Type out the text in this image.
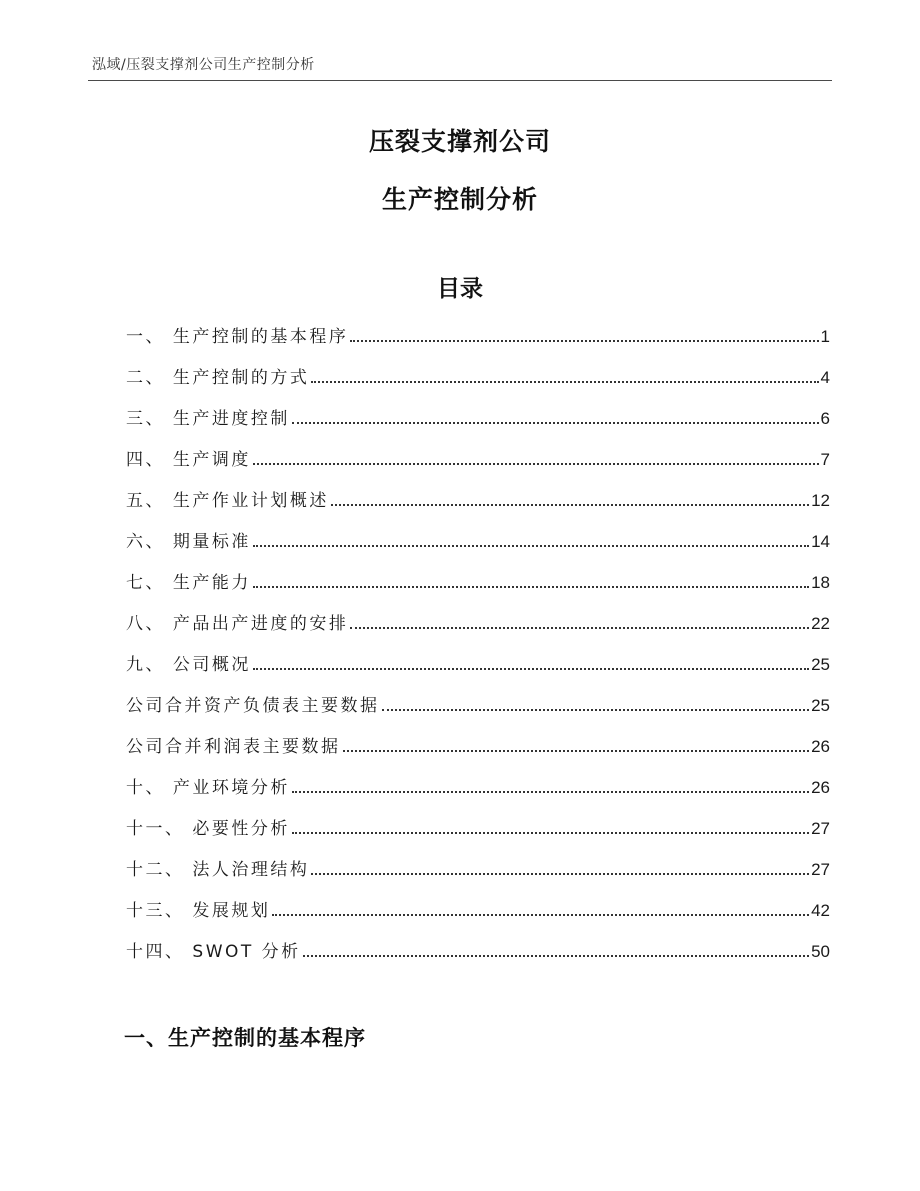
泓域/压裂支撑剂公司生产控制分析
压裂支撑剂公司
生产控制分析
目录
一、 生产控制的基本程序	1
二、 生产控制的方式	4
三、 生产进度控制	6
四、 生产调度	7
五、 生产作业计划概述	12
六、 期量标准	14
七、 生产能力	18
八、 产品出产进度的安排	22
九、 公司概况	25
公司合并资产负债表主要数据	25
公司合并利润表主要数据	26
十、 产业环境分析	26
十一、 必要性分析	27
十二、 法人治理结构	27
十三、 发展规划	42
十四、 SWOT 分析	50
一、生产控制的基本程序
